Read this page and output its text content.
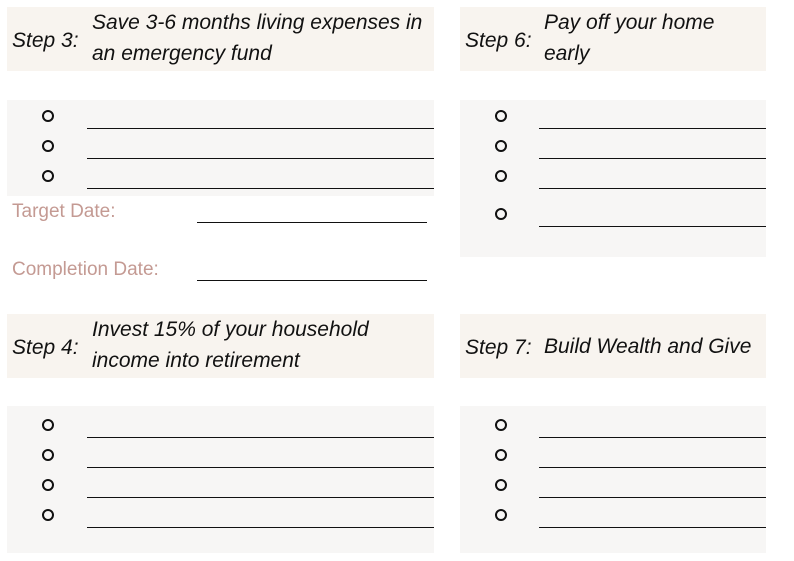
Step 3:
Save 3-6 months living expenses in
an emergency fund
Target Date:
Completion Date:
Step 4:
Invest 15% of your household
income into retirement
Step 6:
Pay off your home
early
Step 7: Build Wealth and Give
